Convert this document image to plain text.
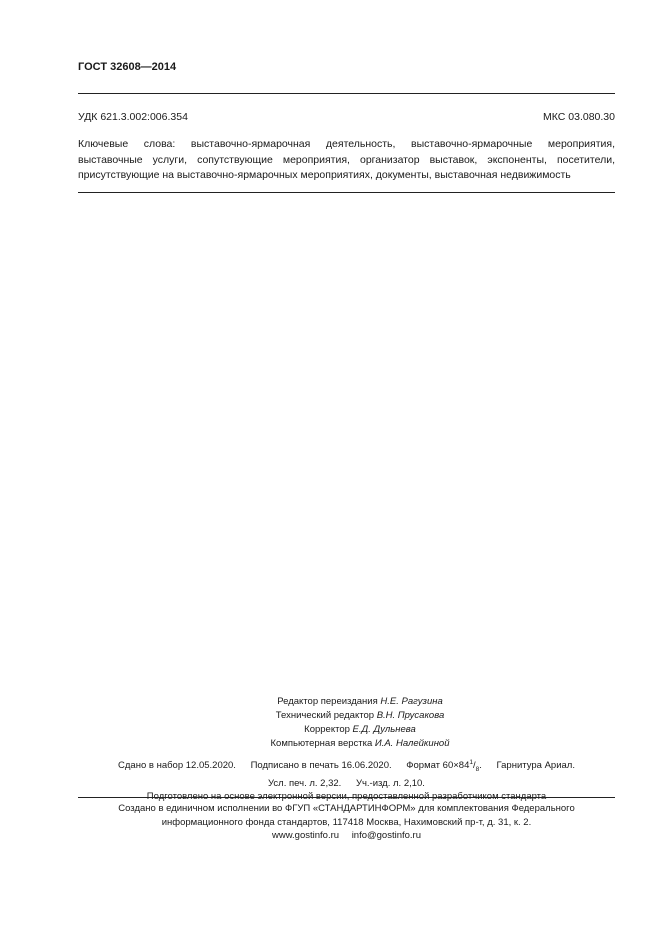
ГОСТ 32608—2014
УДК 621.3.002:006.354	МКС 03.080.30
Ключевые слова: выставочно-ярмарочная деятельность, выставочно-ярмарочные мероприятия, выставочные услуги, сопутствующие мероприятия, организатор выставок, экспоненты, посетители, присутствующие на выставочно-ярмарочных мероприятиях, документы, выставочная недвижимость
Редактор переиздания Н.Е. Рагузина
Технический редактор В.Н. Прусакова
Корректор Е.Д. Дульнева
Компьютерная верстка И.А. Налейкиной
Сдано в набор 12.05.2020. Подписано в печать 16.06.2020. Формат $60\times 84^1/_8$. Гарнитура Ариал.
Усл. печ. л. 2,32. Уч.-изд. л. 2,10.
Подготовлено на основе электронной версии, предоставленной разработчиком стандарта
Создано в единичном исполнении во ФГУП «СТАНДАРТИНФОРМ» для комплектования Федерального
информационного фонда стандартов, 117418 Москва, Нахимовский пр-т, д. 31, к. 2.
www.gostinfo.ru info@gostinfo.ru
